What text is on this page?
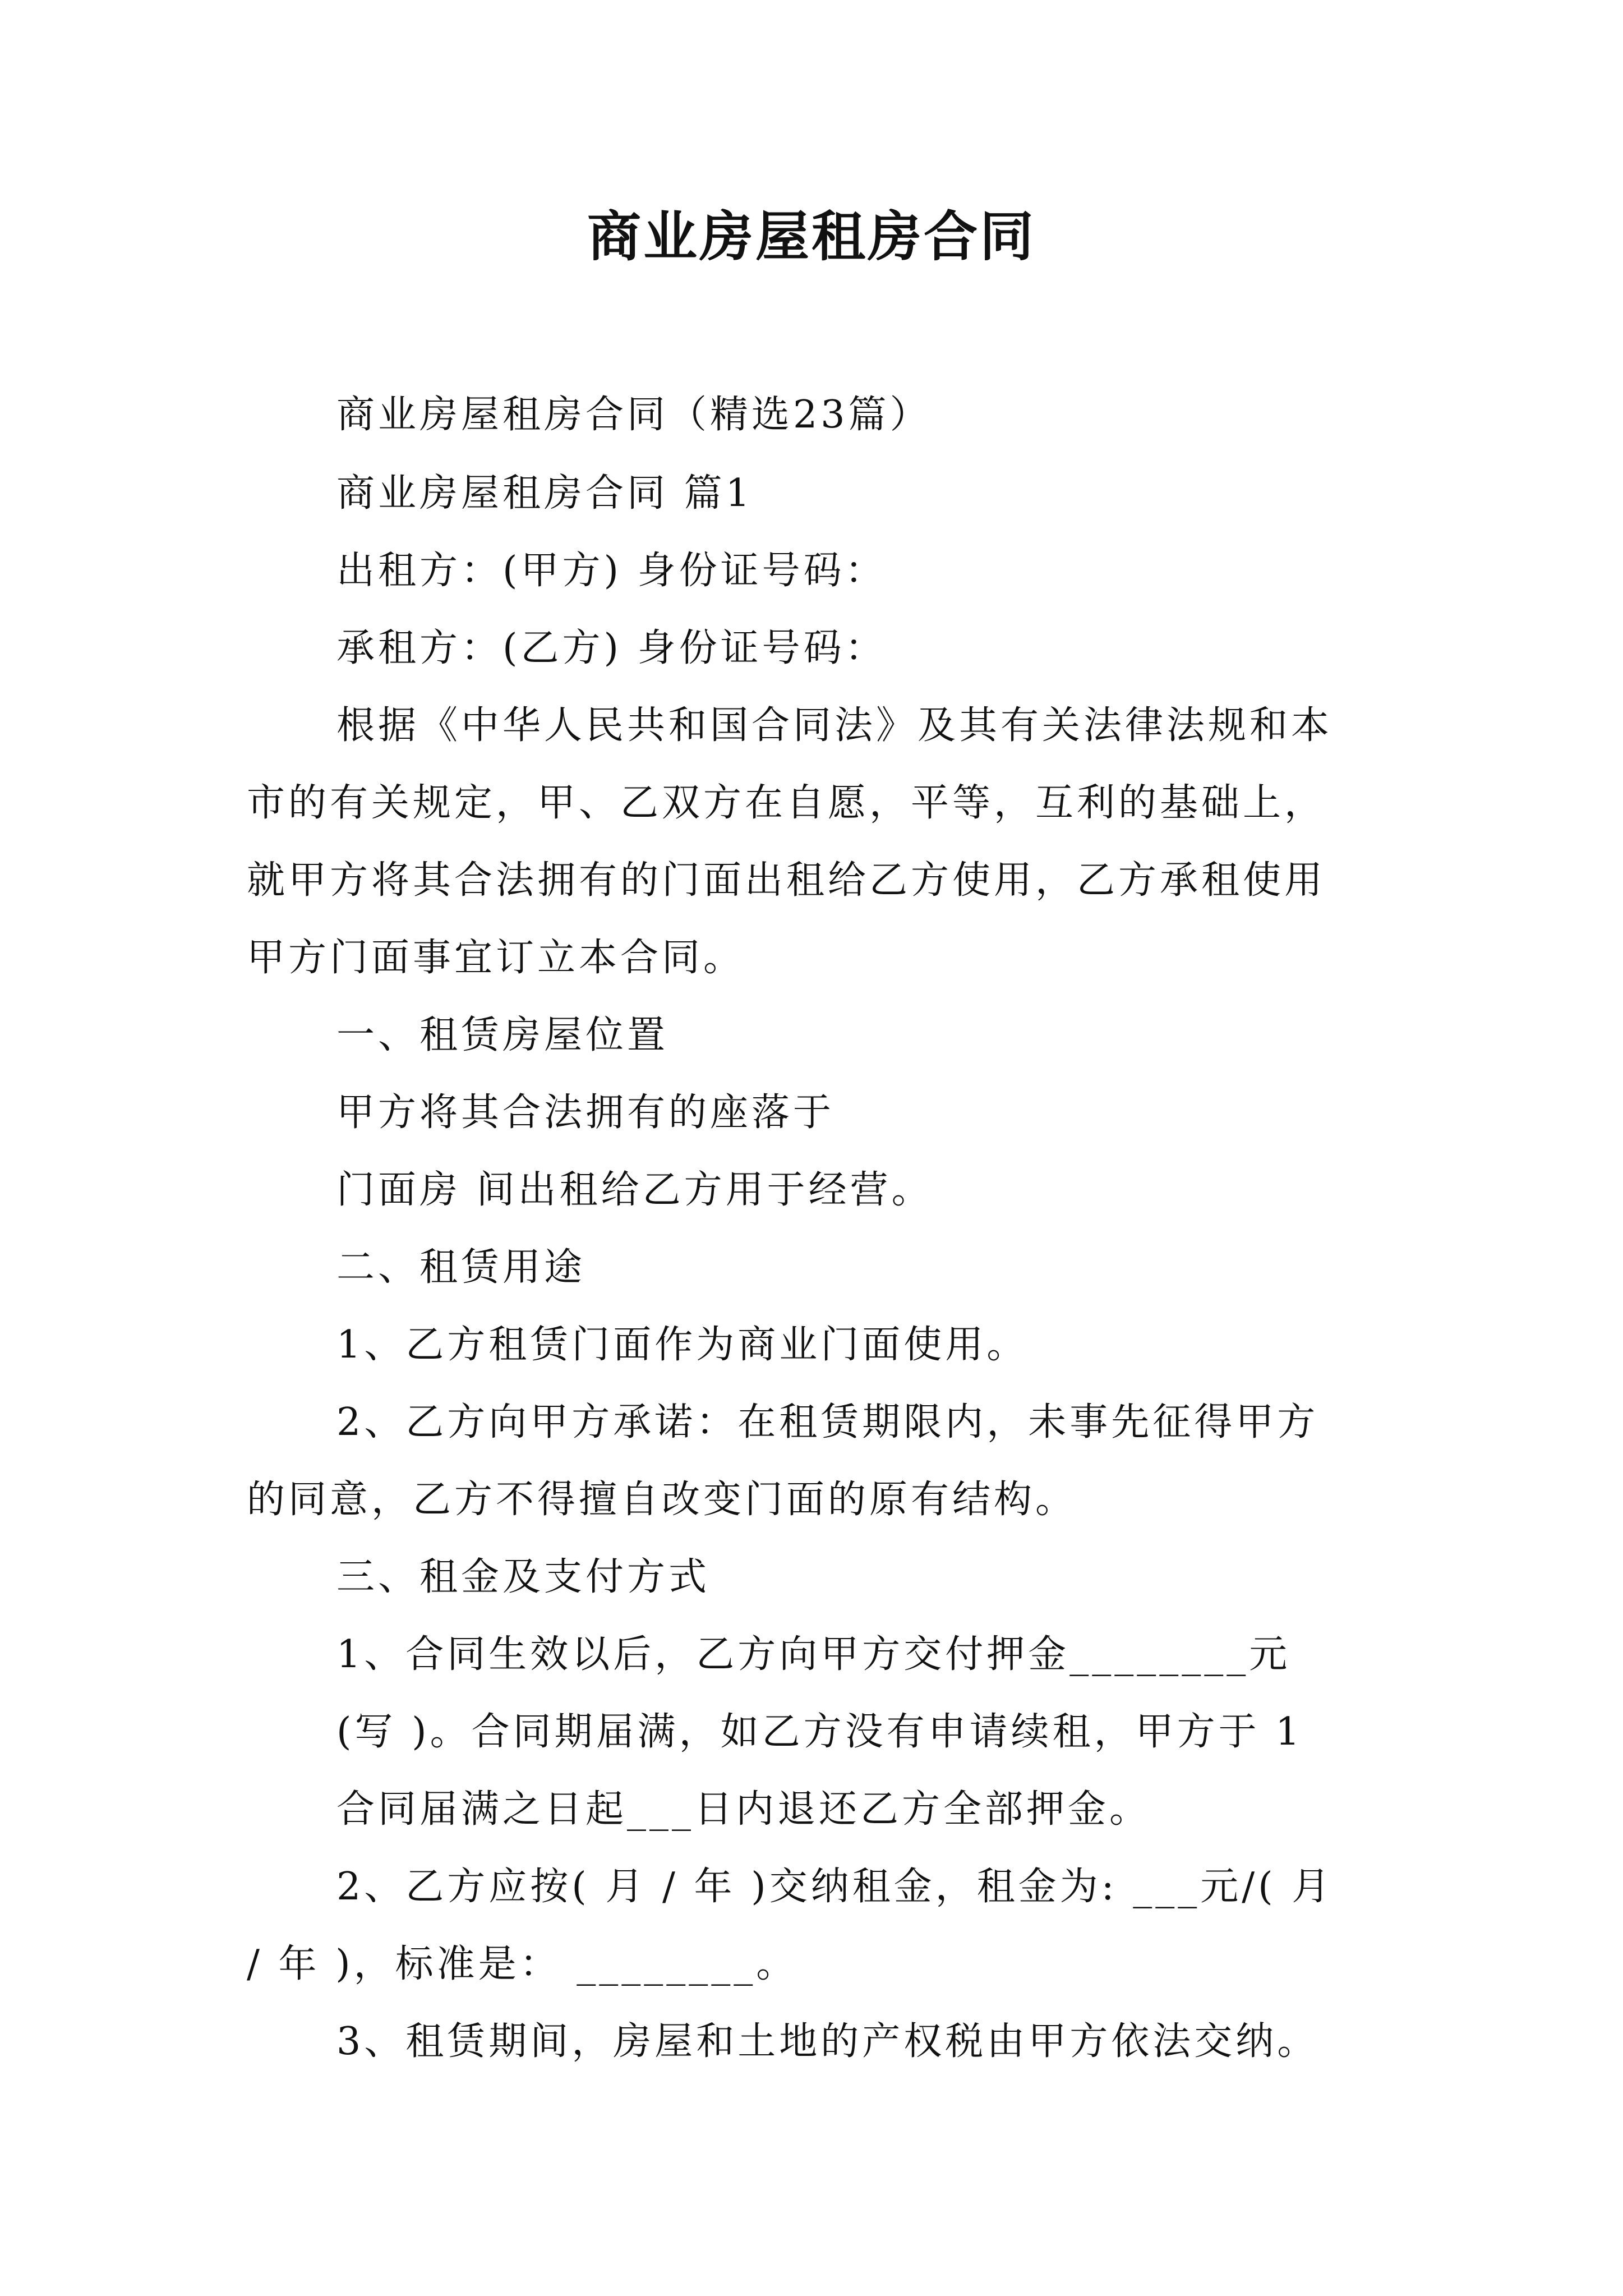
商业房屋租房合同

商业房屋租房合同（精选23篇）

商业房屋租房合同 篇1

出租方：(甲方) 身份证号码：

承租方：(乙方) 身份证号码：

根据《中华人民共和国合同法》及其有关法律法规和本

市的有关规定，甲、乙双方在自愿，平等，互利的基础上，

就甲方将其合法拥有的门面出租给乙方使用，乙方承租使用

甲方门面事宜订立本合同。

一、租赁房屋位置

甲方将其合法拥有的座落于

门面房 间出租给乙方用于经营。

二、租赁用途

1、乙方租赁门面作为商业门面使用。

2、乙方向甲方承诺：在租赁期限内，未事先征得甲方

的同意，乙方不得擅自改变门面的原有结构。

三、租金及支付方式

1、合同生效以后，乙方向甲方交付押金________元

(写 )。合同期届满，如乙方没有申请续租，甲方于 1

合同届满之日起___日内退还乙方全部押金。

2、乙方应按( 月 / 年 )交纳租金，租金为: ___元/( 月

/ 年 )，标准是： ________。

3、租赁期间，房屋和土地的产权税由甲方依法交纳。
